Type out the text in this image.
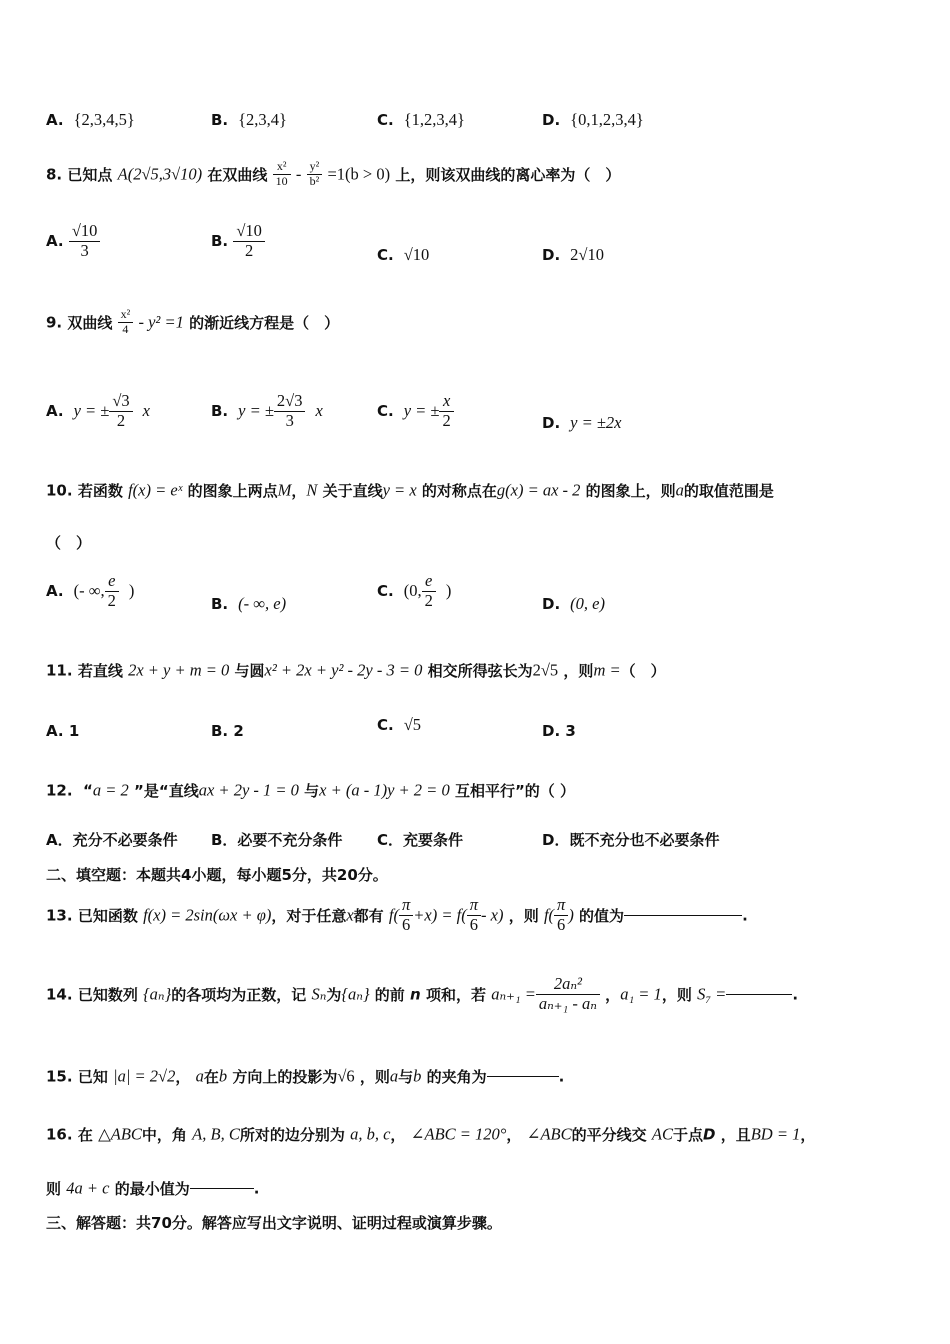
A. {2,3,4,5}	B. {2,3,4}	C. {1,2,3,4}	D. {0,1,2,3,4}
8. 已知点 A(2√5,3√10) 在双曲线 $\frac{\text{x²}}{10} - \frac{\text{y²}}{\text{b²}} =1(b > 0)$ 上，则该双曲线的离心率为（　）
A. $\frac{√10}{3}$	B. $\frac{√10}{2}$	C. √10	D. 2√10
9. 双曲线 $\frac{\text{x²}}{4} - y^2 =1$ 的渐近线方程是（　）
A. y = ± $\frac{√3}{2}$ x	B. y = ± $\frac{2√3}{3}$ x	C. y = ± $\frac{x}{2}$	D. y = ±2x
10. 若函数 f(x) = eˣ 的图象上两点M，N 关于直线y = x 的对称点在g(x) = ax - 2 的图象上，则a的取值范围是
（　）
A. (- ∞, $\frac{e}{2}$ )
B. (- ∞, e)
C. (0, $\frac{e}{2}$ )
D. (0, e)
11. 若直线 2x + y + m = 0 与圆x² + 2x + y² - 2y - 3 = 0 相交所得弦长为2√5 ，则m =（　）
A. 1	B. 2	C. √5	D. 3
12. “a = 2 ”是“直线ax + 2y - 1 = 0 与x + (a - 1)y + 2 = 0 互相平行”的（ ）
A．充分不必要条件 B．必要不充分条件 C．充要条件	D．既不充分也不必要条件
二、填空题：本题共4小题，每小题5分，共20分。
13. 已知函数 f(x) = 2sin(ωx + φ)，对于任意x都有 $f( \frac{\pi}{6} +x) = f( \frac{\pi}{6} - x)$ ，则 $f( \frac{\pi}{6}$ ) 的值为	.
14. 已知数列 {aₙ}的各项均为正数，记 Sₙ为{aₙ} 的前 n 项和，若 $a_{n+1} = \frac{\text{2aₙ²}}{\text{aₙ₊₁ - aₙ}}$ ，a₁ = 1，则 S₇ =	.
15. 已知 |a| = 2√2， a在b 方向上的投影为√6 ，则a与b 的夹角为	.
16. 在 △ABC中，角 A, B, C所对的边分别为 a, b, c， ∠ABC = 120°， ∠ABC的平分线交 AC于点D ，且BD = 1，
则 4a + c 的最小值为	.
三、解答题：共70分。解答应写出文字说明、证明过程或演算步骤。
